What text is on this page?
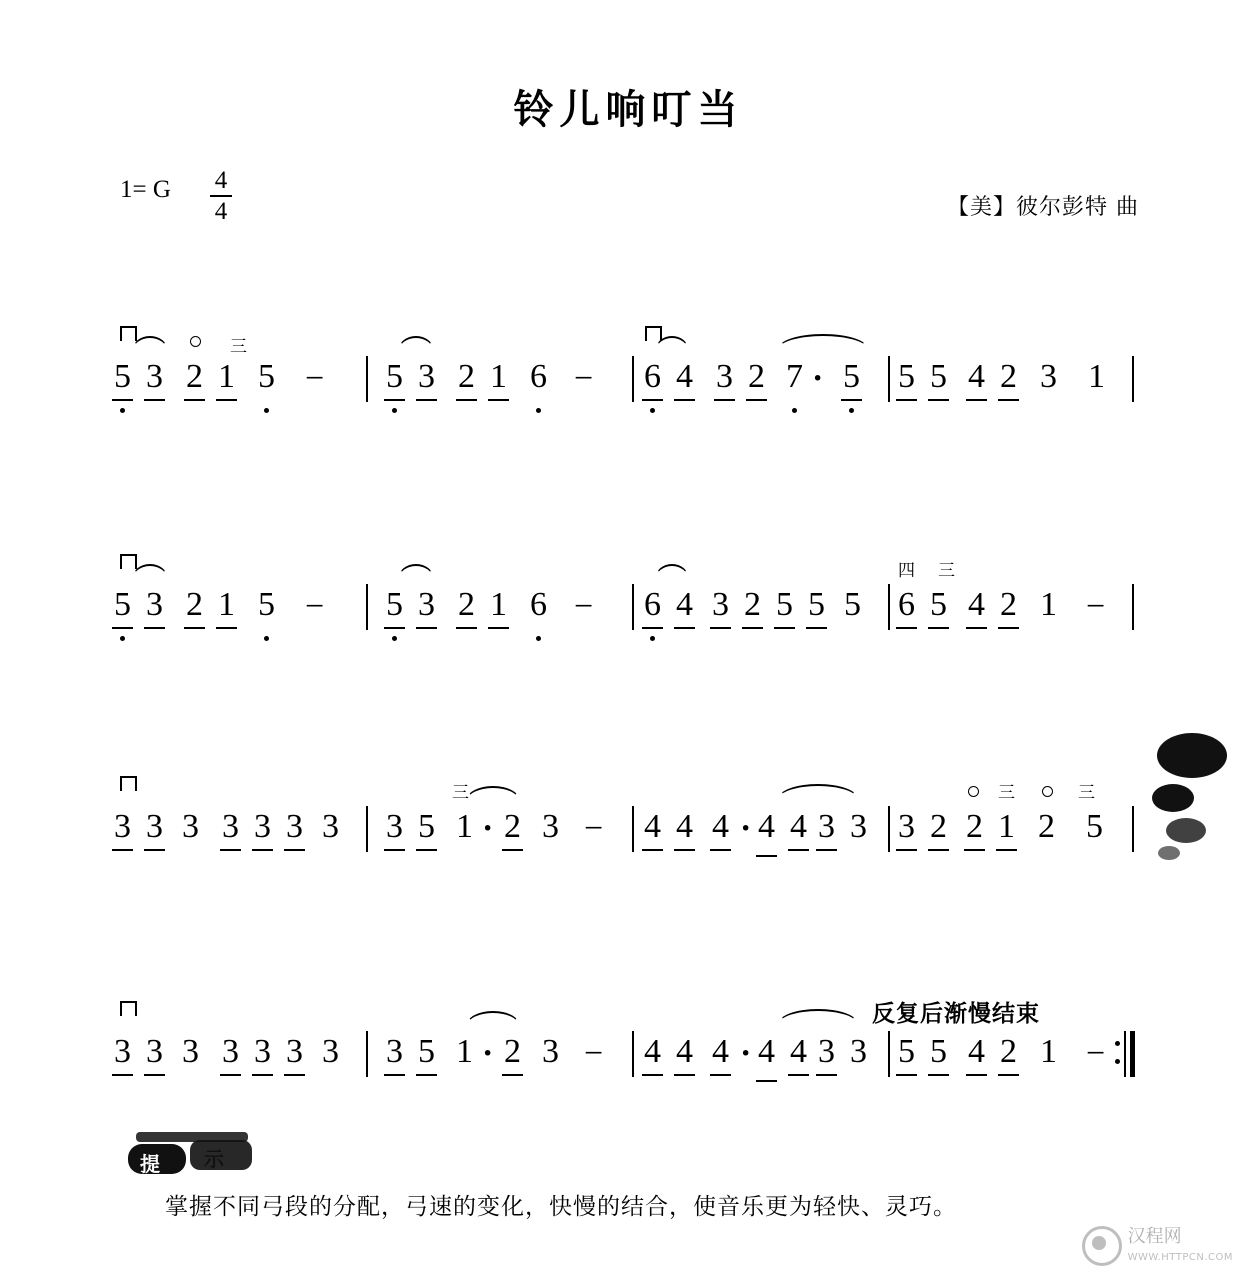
铃儿响叮当
1= G	4
4	【美】彼尔彭特 曲
三
5 3 2 1 5 − 5 3 2 1 6 − 6 4 3 2 7 · 5 5 5 4 2 3 1
5 3 2 1 5 − 5 3 2 1 6 − 6 4 3 2 5 5 5
四 三
6 5 4 2 1 −
3 3 3 3 3 3 3
三
3 5 1 · 2 3 − 4 4 4 · 4 4 3 3
三	三
3 2 2 1 2 5
反复后渐慢结束
3 3 3 3 3 3 3 3 5 1 · 2 3 − 4 4 4 · 4 4 3 3 5 5 4 2 1 −
提 示
掌握不同弓段的分配，弓速的变化，快慢的结合，使音乐更为轻快、灵巧。
汉程网
WWW.HTTPCN.COM
